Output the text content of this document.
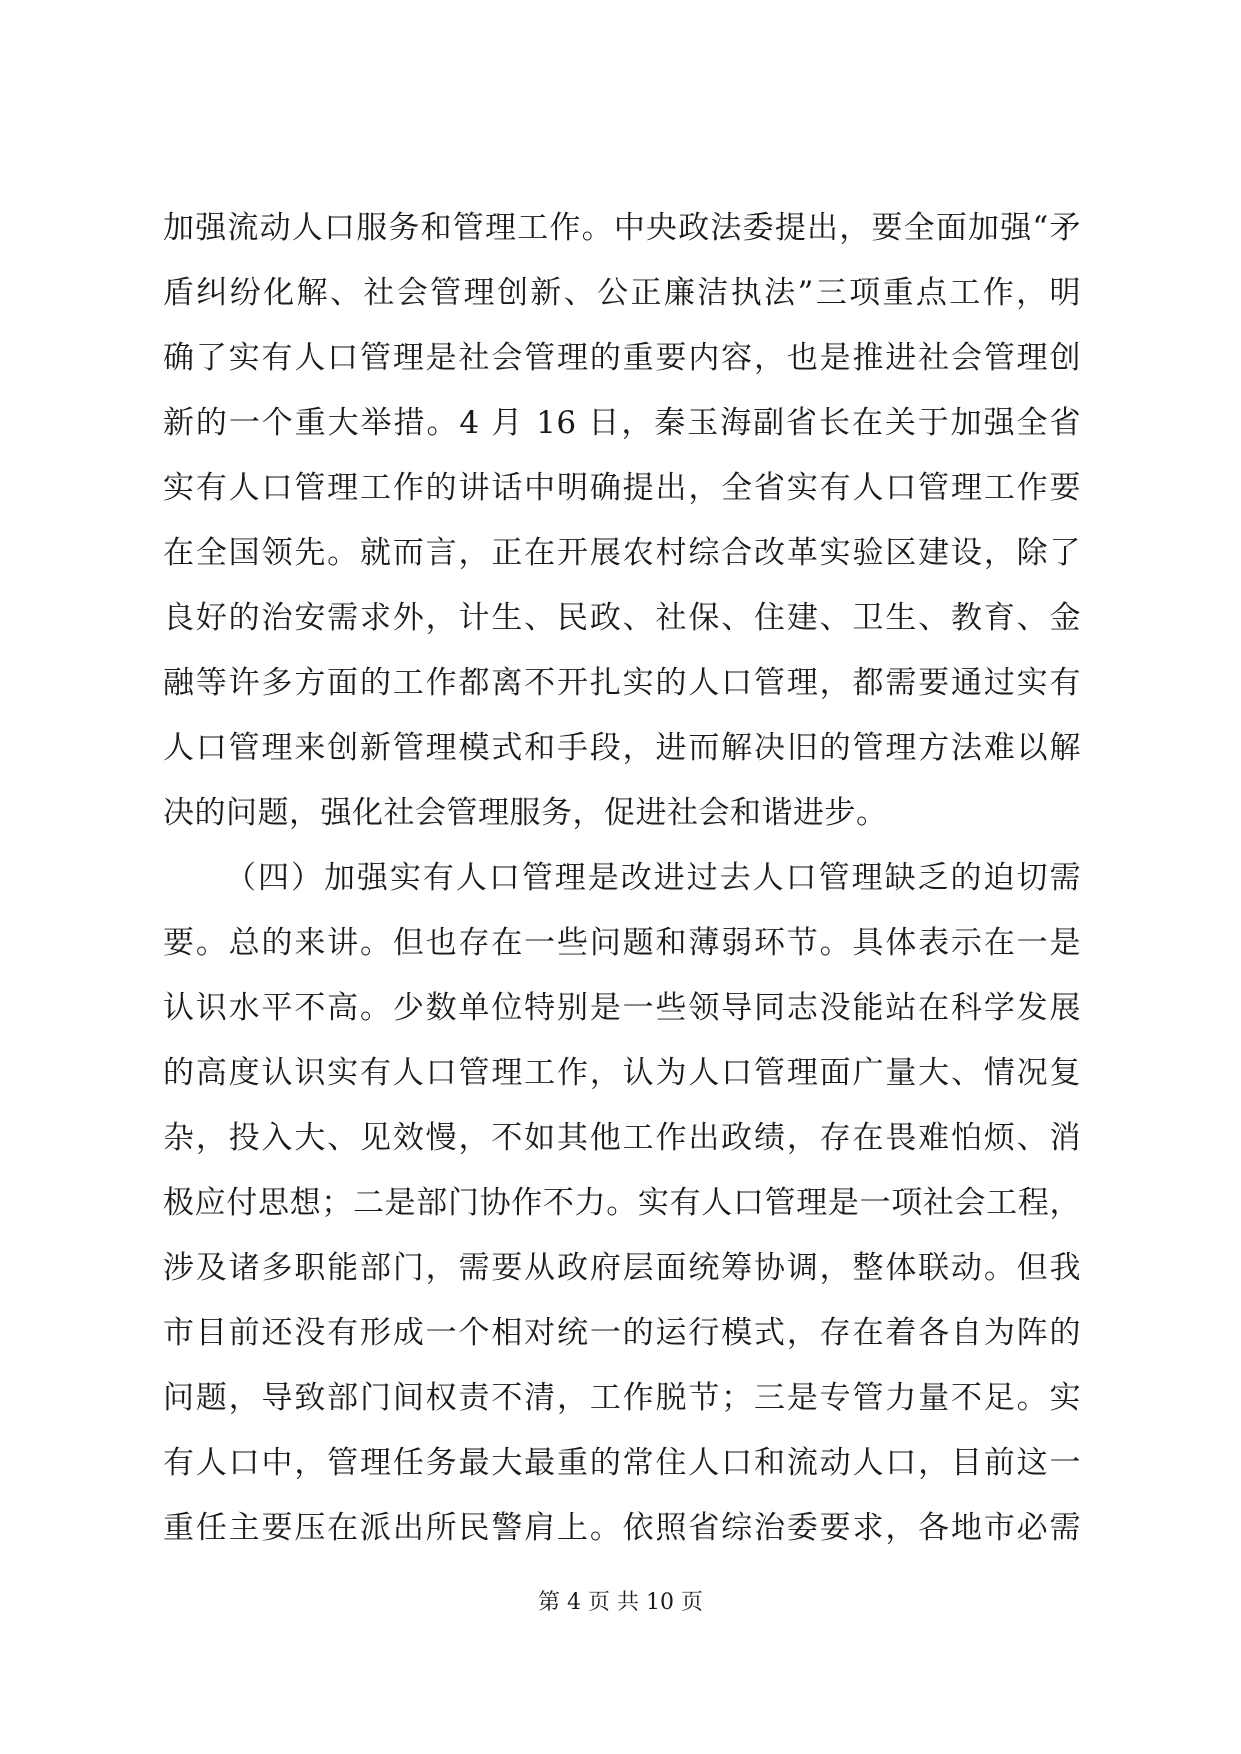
加强流动人口服务和管理工作。中央政法委提出，要全面加强“矛
盾纠纷化解、社会管理创新、公正廉洁执法”三项重点工作，明
确了实有人口管理是社会管理的重要内容，也是推进社会管理创
新的一个重大举措。4 月 16 日，秦玉海副省长在关于加强全省
实有人口管理工作的讲话中明确提出，全省实有人口管理工作要
在全国领先。就而言，正在开展农村综合改革实验区建设，除了
良好的治安需求外，计生、民政、社保、住建、卫生、教育、金
融等许多方面的工作都离不开扎实的人口管理，都需要通过实有
人口管理来创新管理模式和手段，进而解决旧的管理方法难以解
决的问题，强化社会管理服务，促进社会和谐进步。
（四）加强实有人口管理是改进过去人口管理缺乏的迫切需
要。总的来讲。但也存在一些问题和薄弱环节。具体表示在一是
认识水平不高。少数单位特别是一些领导同志没能站在科学发展
的高度认识实有人口管理工作，认为人口管理面广量大、情况复
杂，投入大、见效慢，不如其他工作出政绩，存在畏难怕烦、消
极应付思想；二是部门协作不力。实有人口管理是一项社会工程，
涉及诸多职能部门，需要从政府层面统筹协调，整体联动。但我
市目前还没有形成一个相对统一的运行模式，存在着各自为阵的
问题，导致部门间权责不清，工作脱节；三是专管力量不足。实
有人口中，管理任务最大最重的常住人口和流动人口，目前这一
重任主要压在派出所民警肩上。依照省综治委要求，各地市必需
第 4 页 共 10 页
